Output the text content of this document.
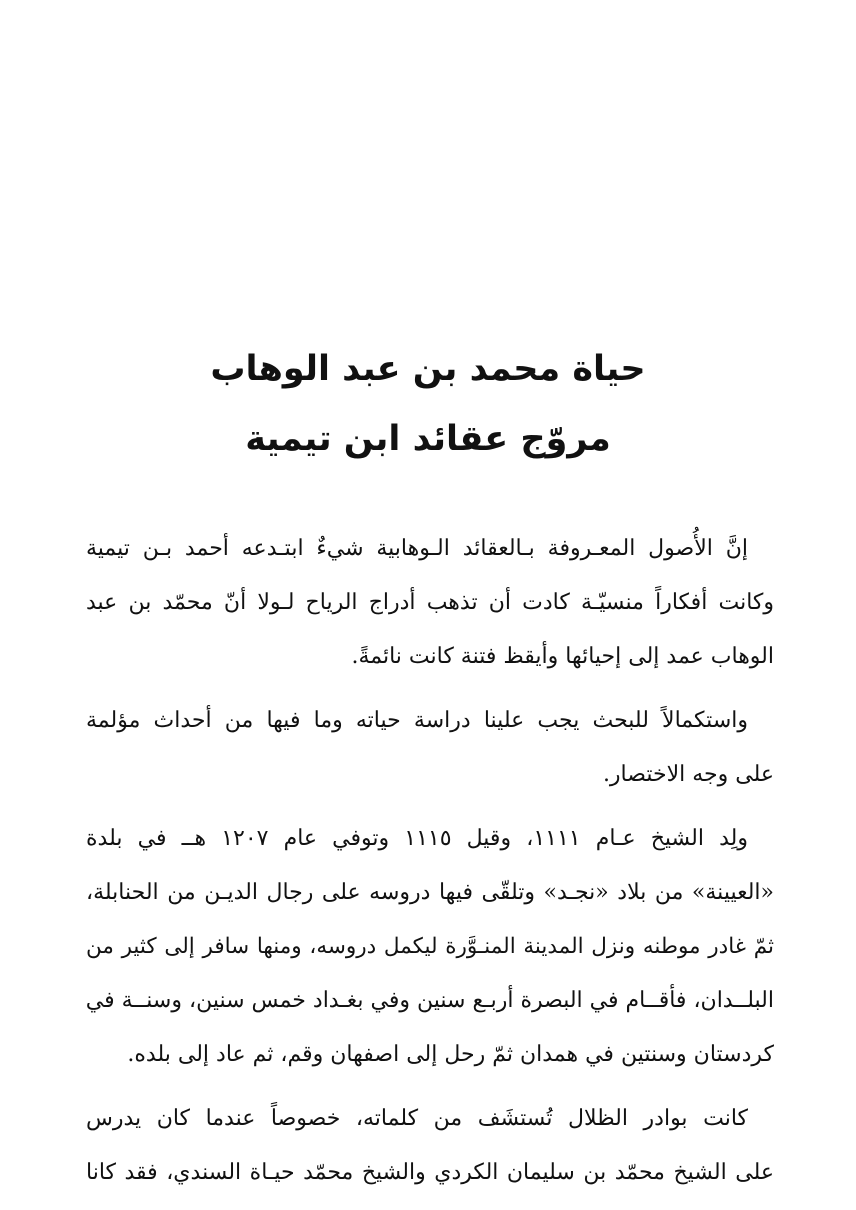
حياة محمد بن عبد الوهاب
مروّج عقائد ابن تيمية
إنَّ الأُصول المعـروفة بـالعقائد الـوهابية شيءٌ ابتـدعه أحمد بـن تيمية
وكانت أفكاراً منسيّـة كادت أن تذهب أدراج الرياح لـولا أنّ محمّد بن عبد
الوهاب عمد إلى إحيائها وأيقظ فتنة كانت نائمةً.
واستكمالاً للبحث يجب علينا دراسة حياته وما فيها من أحداث مؤلمة
على وجه الاختصار.
ولِد الشيخ عـام ١١١١، وقيل ١١١٥ وتوفي عام ١٢٠٧ هــ في بلدة
«العيينة» من بلاد «نجـد» وتلقّى فيها دروسه على رجال الديـن من الحنابلة،
ثمّ غادر موطنه ونزل المدينة المنـوَّرة ليكمل دروسه، ومنها سافر إلى كثير من
البلــدان، فأقــام في البصرة أربـع سنين وفي بغـداد خمس سنين، وسنــة في
كردستان وسنتين في همدان ثمّ رحل إلى اصفهان وقم، ثم عاد إلى بلده.
كانت بوادر الظلال تُستشَف من كلماته، خصوصاً عندما كان يدرس
على الشيخ محمّد بن سليمان الكردي والشيخ محمّد حيـاة السندي، فقد كانا
